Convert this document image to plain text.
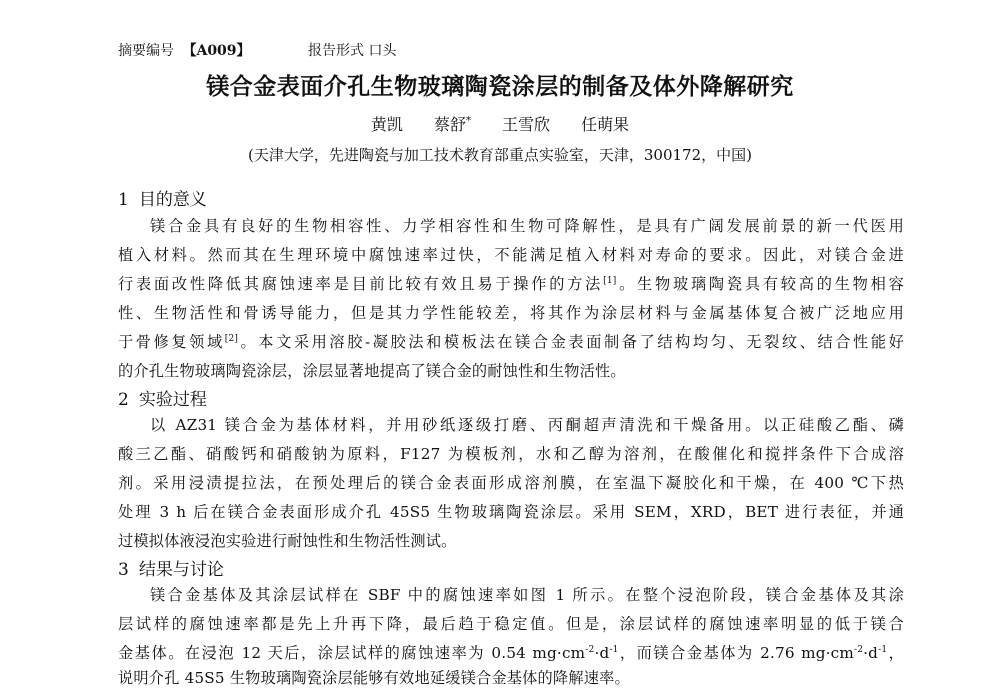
摘要编号 【A009】	报告形式 口头
镁合金表面介孔生物玻璃陶瓷涂层的制备及体外降解研究
黄凯 蔡舒* 王雪欣 任萌果
(天津大学，先进陶瓷与加工技术教育部重点实验室，天津，300172，中国)
1 目的意义
镁合金具有良好的生物相容性、力学相容性和生物可降解性，是具有广阔发展前景的新一代医用
植入材料。然而其在生理环境中腐蚀速率过快，不能满足植入材料对寿命的要求。因此，对镁合金进
行表面改性降低其腐蚀速率是目前比较有效且易于操作的方法[1]。生物玻璃陶瓷具有较高的生物相容
性、生物活性和骨诱导能力，但是其力学性能较差，将其作为涂层材料与金属基体复合被广泛地应用
于骨修复领域[2]。本文采用溶胶-凝胶法和模板法在镁合金表面制备了结构均匀、无裂纹、结合性能好
的介孔生物玻璃陶瓷涂层，涂层显著地提高了镁合金的耐蚀性和生物活性。
2 实验过程
以 AZ31 镁合金为基体材料，并用砂纸逐级打磨、丙酮超声清洗和干燥备用。以正硅酸乙酯、磷
酸三乙酯、硝酸钙和硝酸钠为原料，F127 为模板剂，水和乙醇为溶剂，在酸催化和搅拌条件下合成溶
剂。采用浸渍提拉法，在预处理后的镁合金表面形成溶剂膜，在室温下凝胶化和干燥，在 400 ℃下热
处理 3 h 后在镁合金表面形成介孔 45S5 生物玻璃陶瓷涂层。采用 SEM，XRD，BET 进行表征，并通
过模拟体液浸泡实验进行耐蚀性和生物活性测试。
3 结果与讨论
镁合金基体及其涂层试样在 SBF 中的腐蚀速率如图 1 所示。在整个浸泡阶段，镁合金基体及其涂
层试样的腐蚀速率都是先上升再下降，最后趋于稳定值。但是，涂层试样的腐蚀速率明显的低于镁合
金基体。在浸泡 12 天后，涂层试样的腐蚀速率为 0.54 $mg\cdot cm^{-2}\cdot d^{-1}$，而镁合金基体为 2.76 $mg\cdot cm^{-2}\cdot d^{-1}$，
说明介孔 45S5 生物玻璃陶瓷涂层能够有效地延缓镁合金基体的降解速率。
